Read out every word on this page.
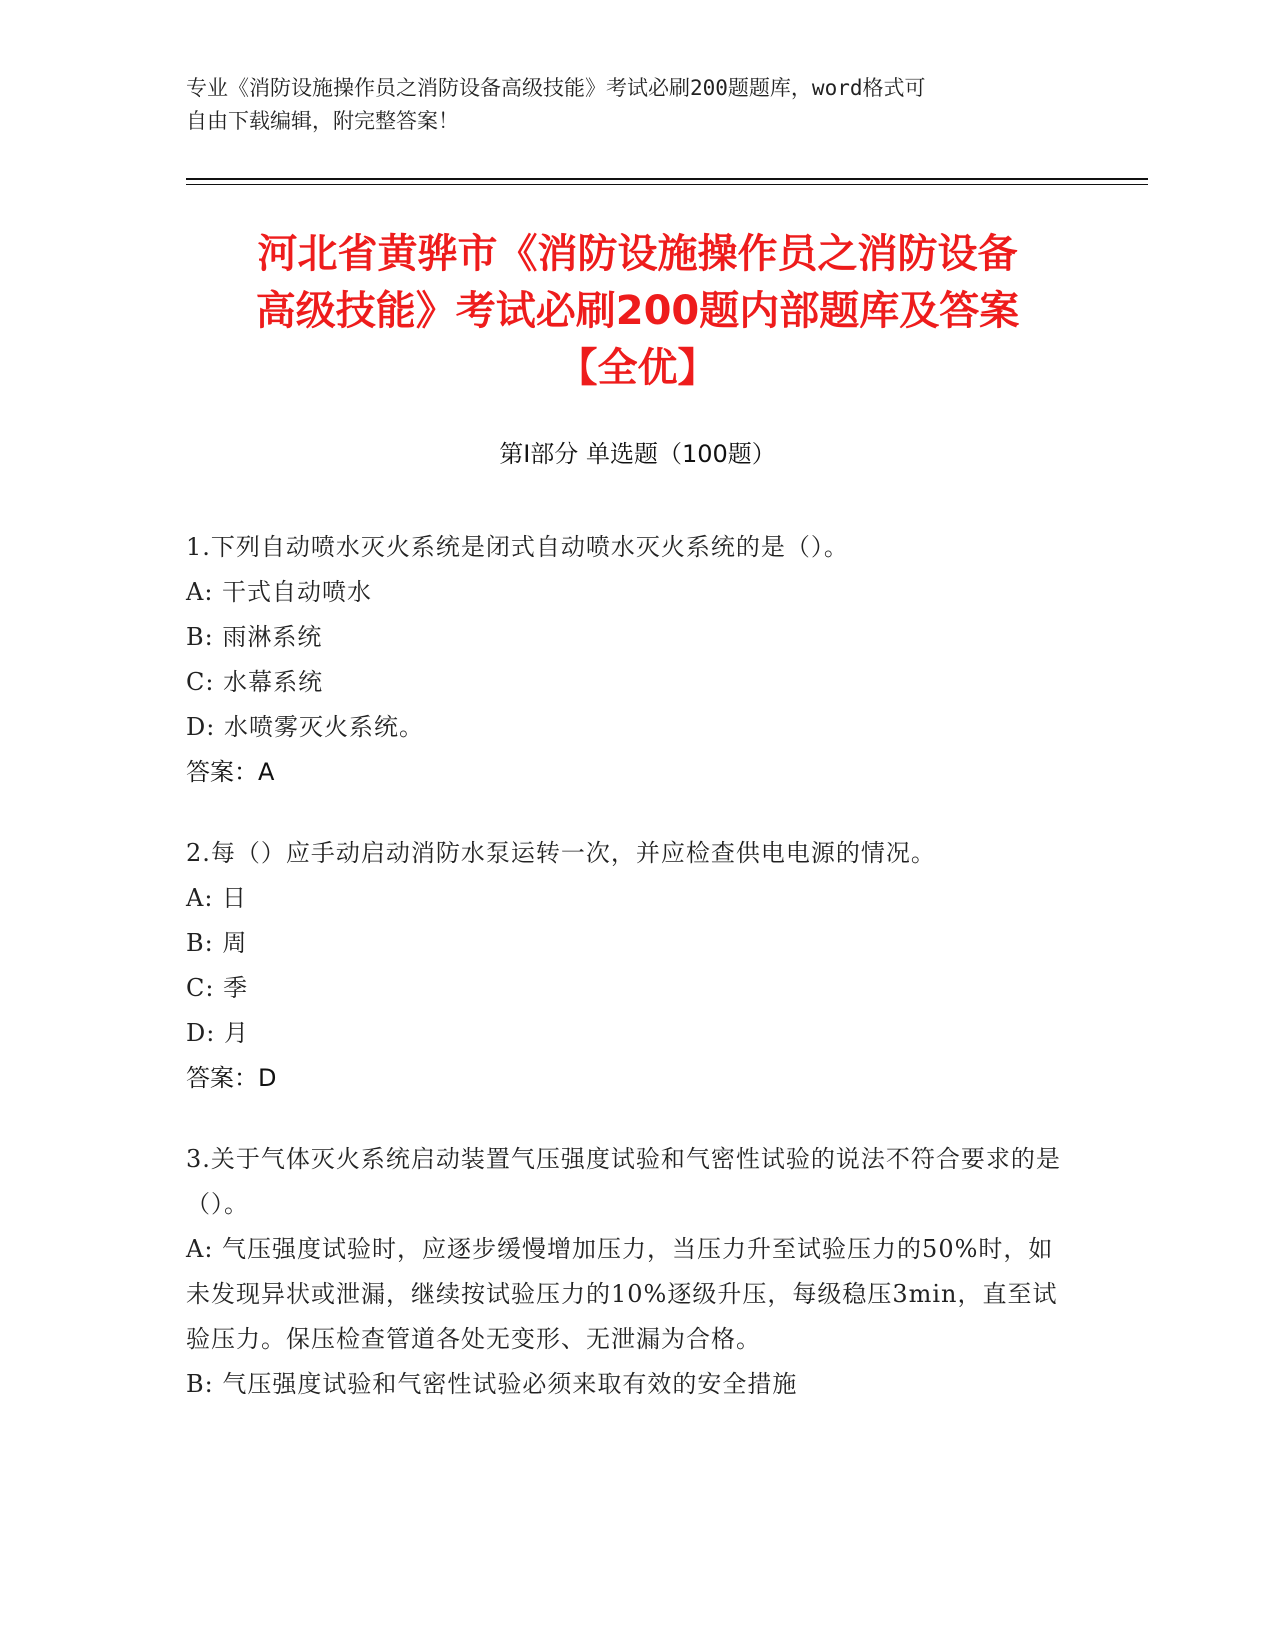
专业《消防设施操作员之消防设备高级技能》考试必刷200题题库，word格式可
自由下载编辑，附完整答案！
河北省黄骅市《消防设施操作员之消防设备
高级技能》考试必刷200题内部题库及答案
【全优】
第Ⅰ部分 单选题（100题）
1.下列自动喷水灭火系统是闭式自动喷水灭火系统的是（）。
A: 干式自动喷水
B: 雨淋系统
C: 水幕系统
D: 水喷雾灭火系统。
答案：A
2.每（）应手动启动消防水泵运转一次，并应检查供电电源的情况。
A: 日
B: 周
C: 季
D: 月
答案：D
3.关于气体灭火系统启动装置气压强度试验和气密性试验的说法不符合要求的是（）。
A: 气压强度试验时，应逐步缓慢增加压力，当压力升至试验压力的50%时，如未发现异状或泄漏，继续按试验压力的10%逐级升压，每级稳压3min，直至试验压力。保压检查管道各处无变形、无泄漏为合格。
B: 气压强度试验和气密性试验必须来取有效的安全措施
